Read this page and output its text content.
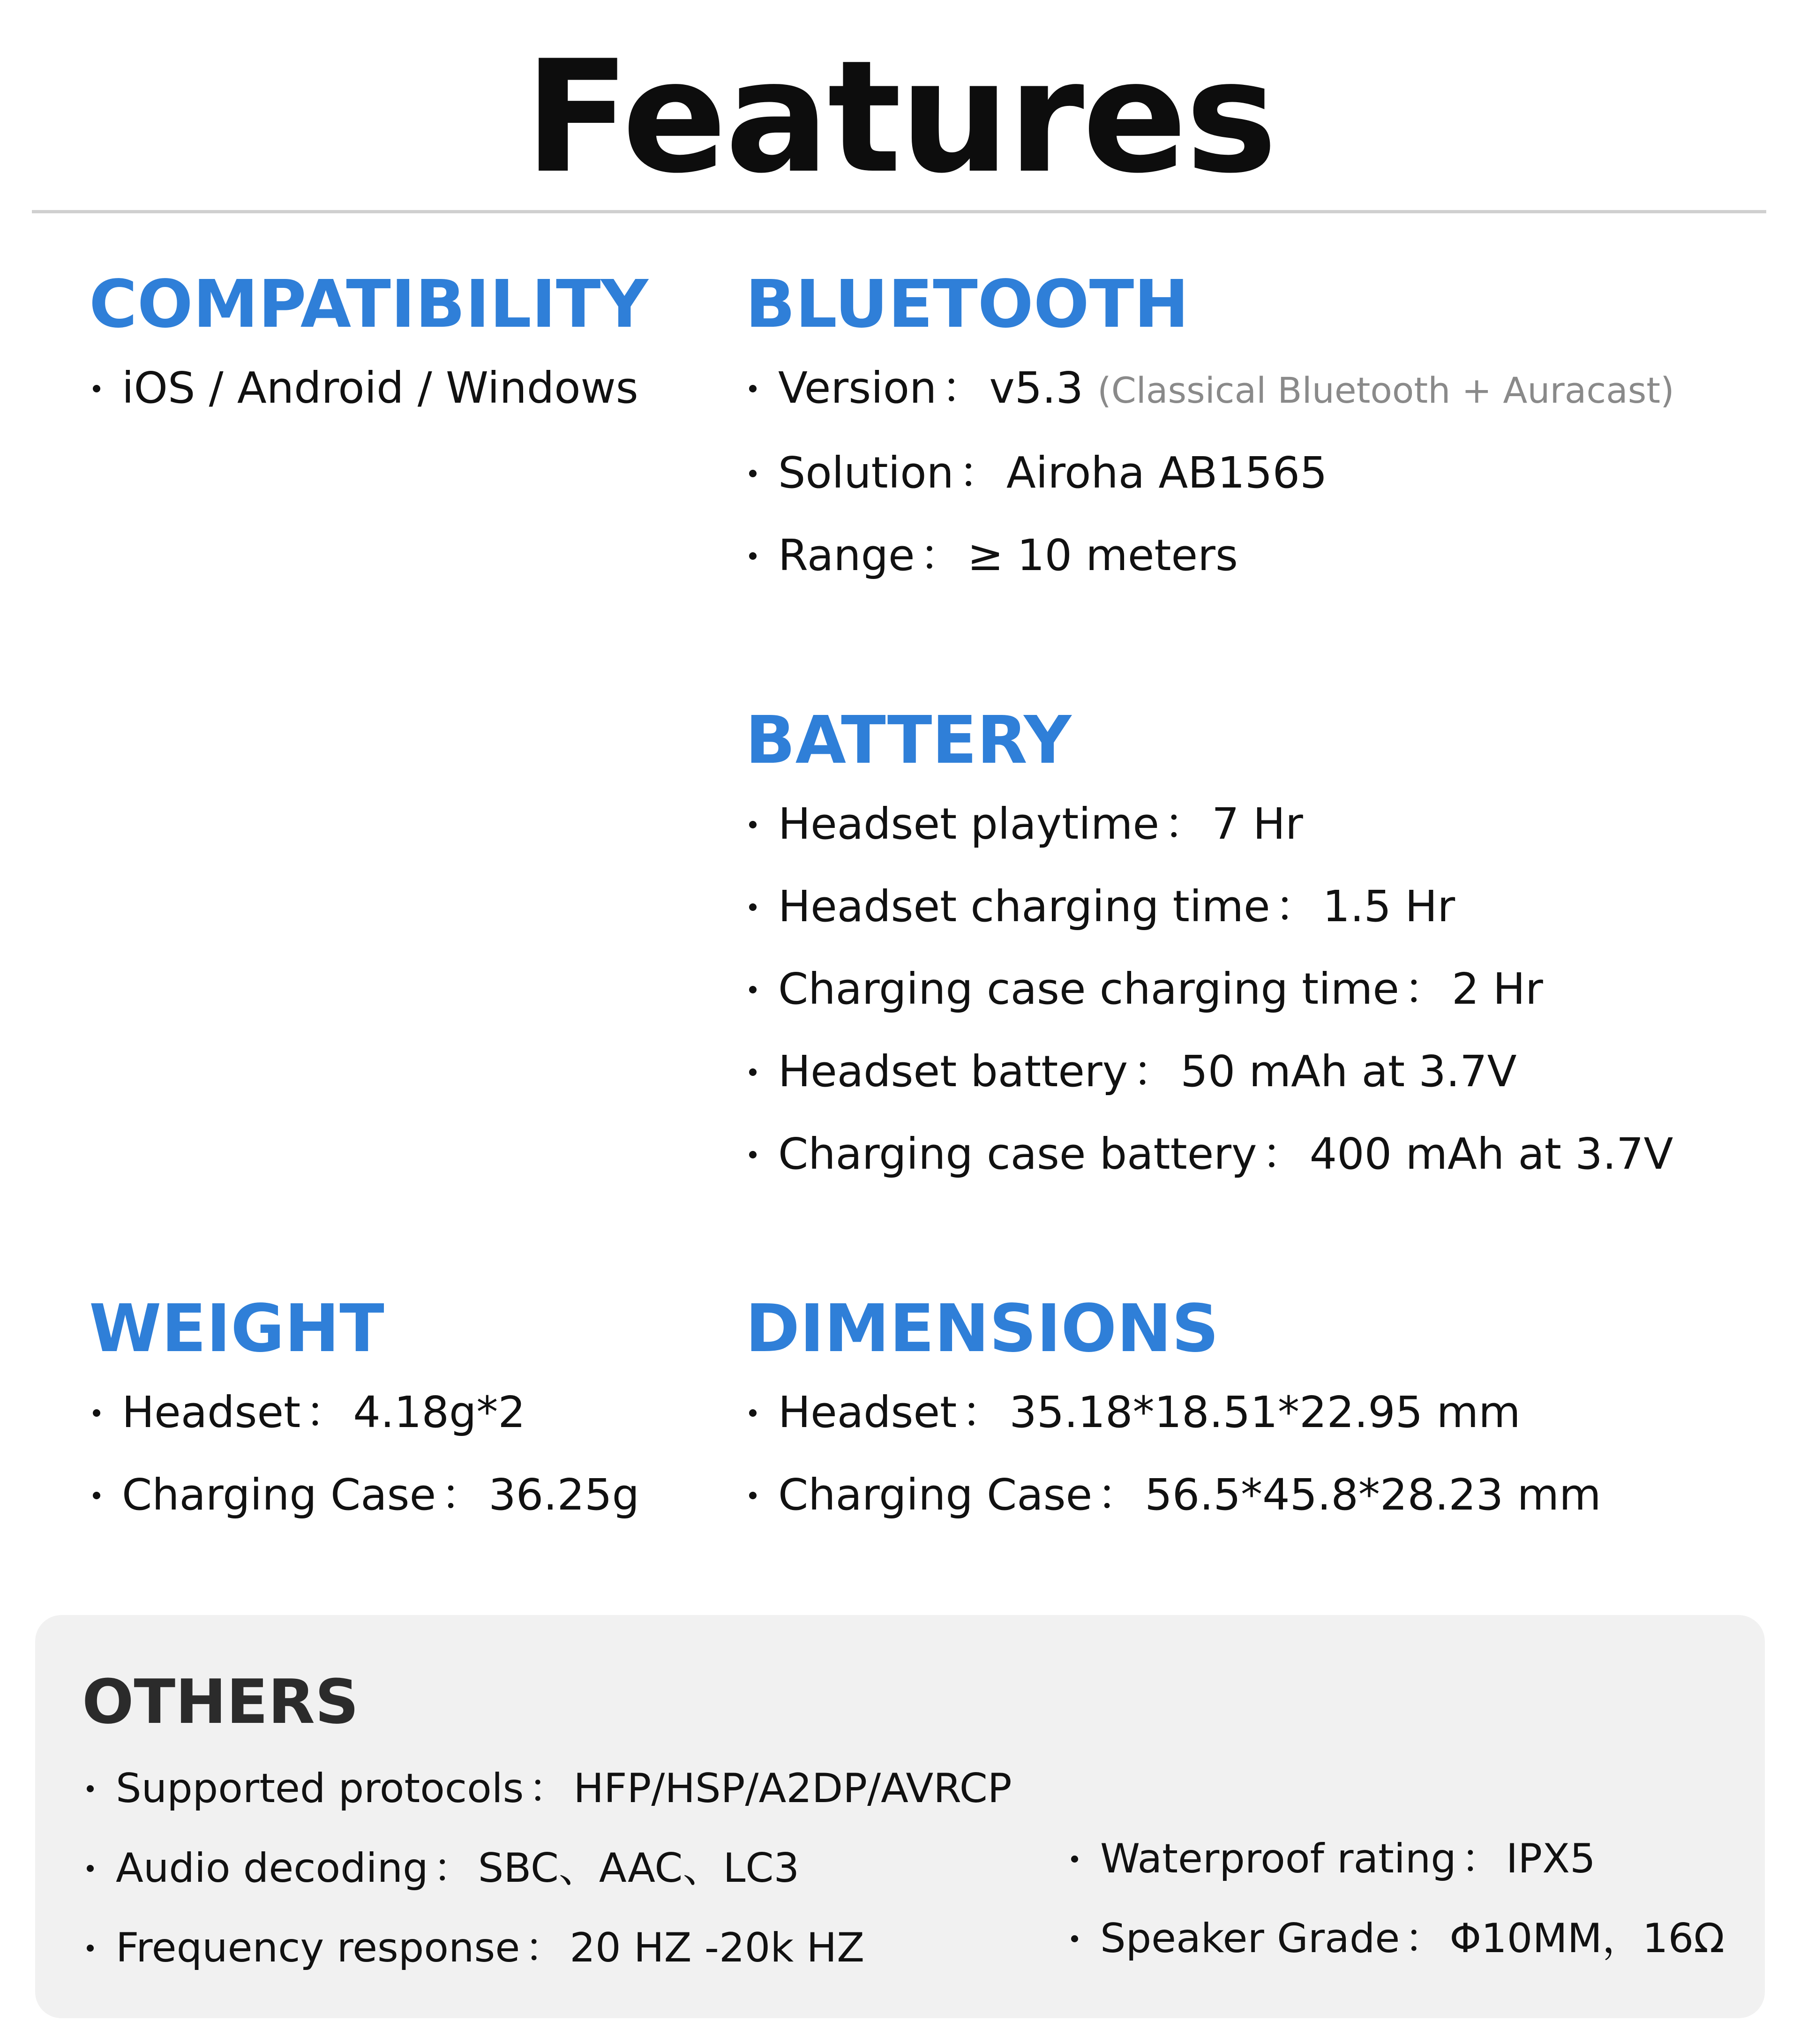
Features
COMPATIBILITY
iOS / Android / Windows
BLUETOOTH
Version ： v5.3 (Classical Bluetooth + Auracast)
Solution ： Airoha AB1565
Range ： ≥ 10 meters
BATTERY
Headset playtime ： 7 Hr
Headset charging time ： 1.5 Hr
Charging case charging time ： 2 Hr
Headset battery ： 50 mAh at 3.7V
Charging case battery ： 400 mAh at 3.7V
WEIGHT
Headset ： 4.18g*2
Charging Case ： 36.25g
DIMENSIONS
Headset ： 35.18*18.51*22.95 mm
Charging Case ： 56.5*45.8*28.23 mm
OTHERS
Supported protocols ： HFP/HSP/A2DP/AVRCP
Audio decoding ： SBC、AAC、LC3
Frequency response ： 20 HZ -20k HZ
Waterproof rating ： IPX5
Speaker Grade ： Φ10MM，16Ω
